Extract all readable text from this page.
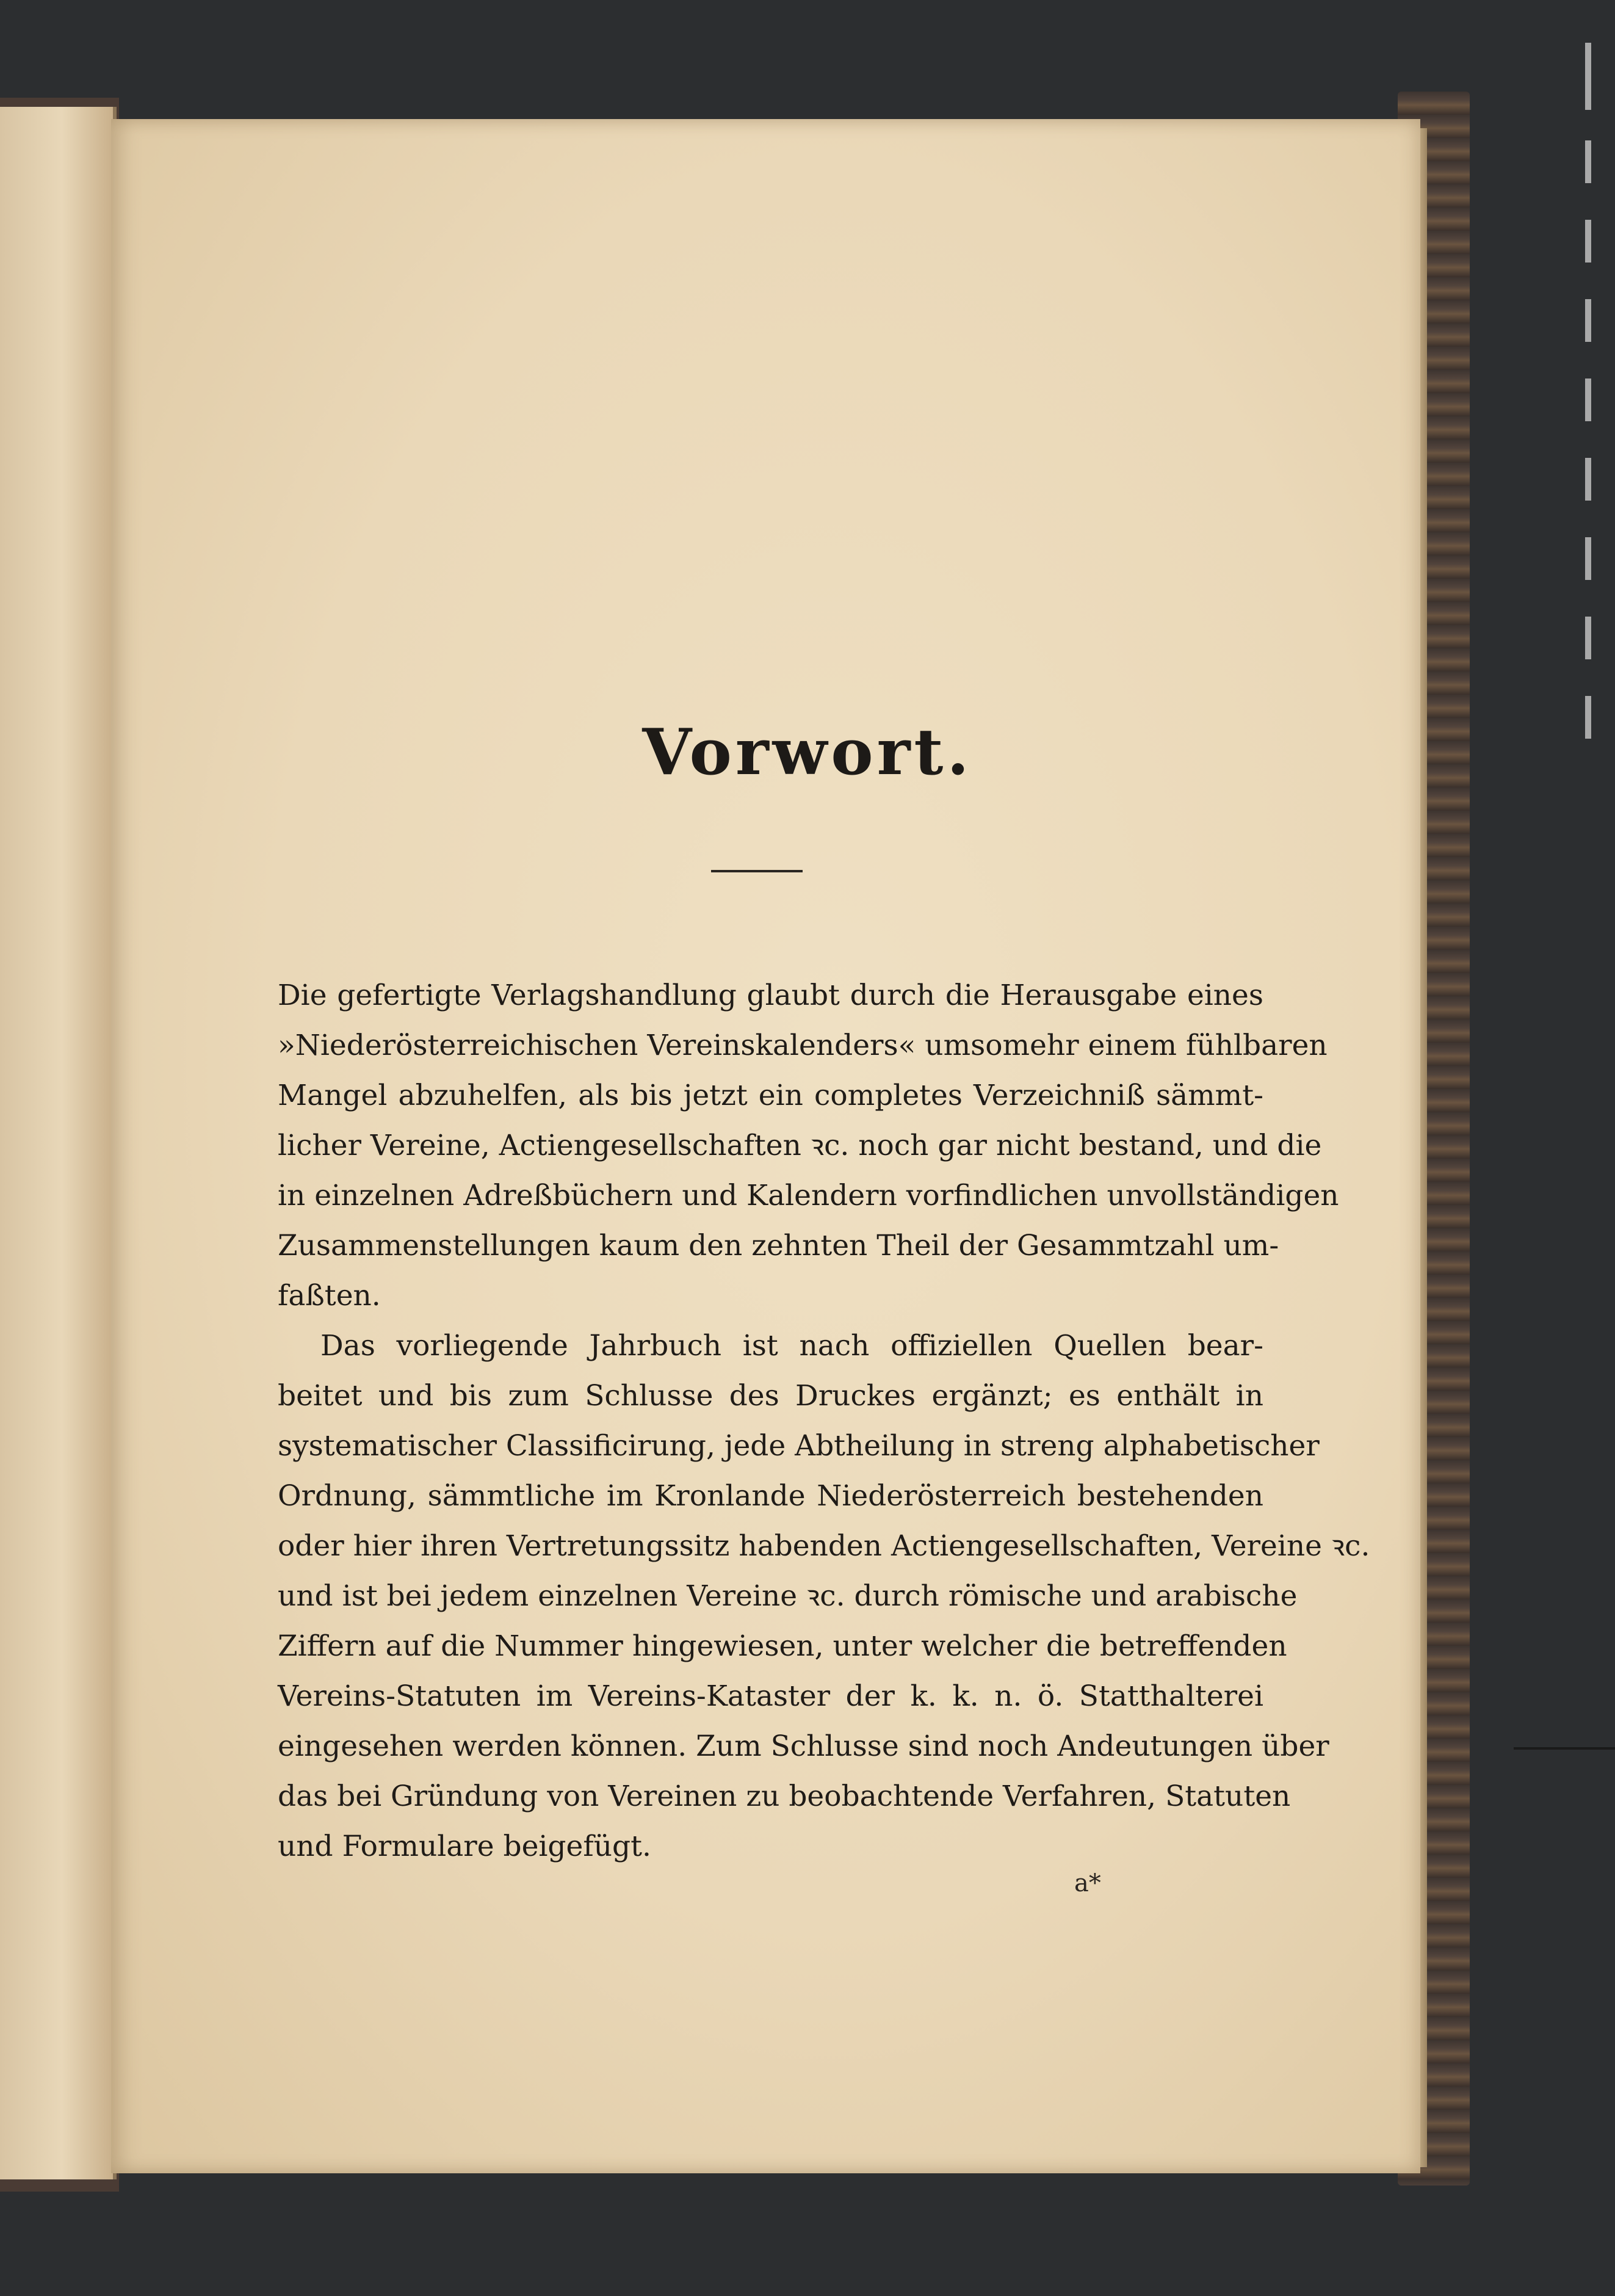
Vorwort.

Die gefertigte Verlagshandlung glaubt durch die Herausgabe eines
»Niederösterreichischen Vereinskalenders« umsomehr einem fühlbaren
Mangel abzuhelfen, als bis jetzt ein completes Verzeichniß sämmt-
licher Vereine, Actiengesellschaften ꝛc. noch gar nicht bestand, und die
in einzelnen Adreßbüchern und Kalendern vorfindlichen unvollständigen
Zusammenstellungen kaum den zehnten Theil der Gesammtzahl um-
faßten.

Das vorliegende Jahrbuch ist nach offiziellen Quellen bear-
beitet und bis zum Schlusse des Druckes ergänzt; es enthält in
systematischer Classificirung, jede Abtheilung in streng alphabetischer
Ordnung, sämmtliche im Kronlande Niederösterreich bestehenden
oder hier ihren Vertretungssitz habenden Actiengesellschaften, Vereine ꝛc.
und ist bei jedem einzelnen Vereine ꝛc. durch römische und arabische
Ziffern auf die Nummer hingewiesen, unter welcher die betreffenden
Vereins-Statuten im Vereins-Kataster der k. k. n. ö. Statthalterei
eingesehen werden können. Zum Schlusse sind noch Andeutungen über
das bei Gründung von Vereinen zu beobachtende Verfahren, Statuten
und Formulare beigefügt.

a*
